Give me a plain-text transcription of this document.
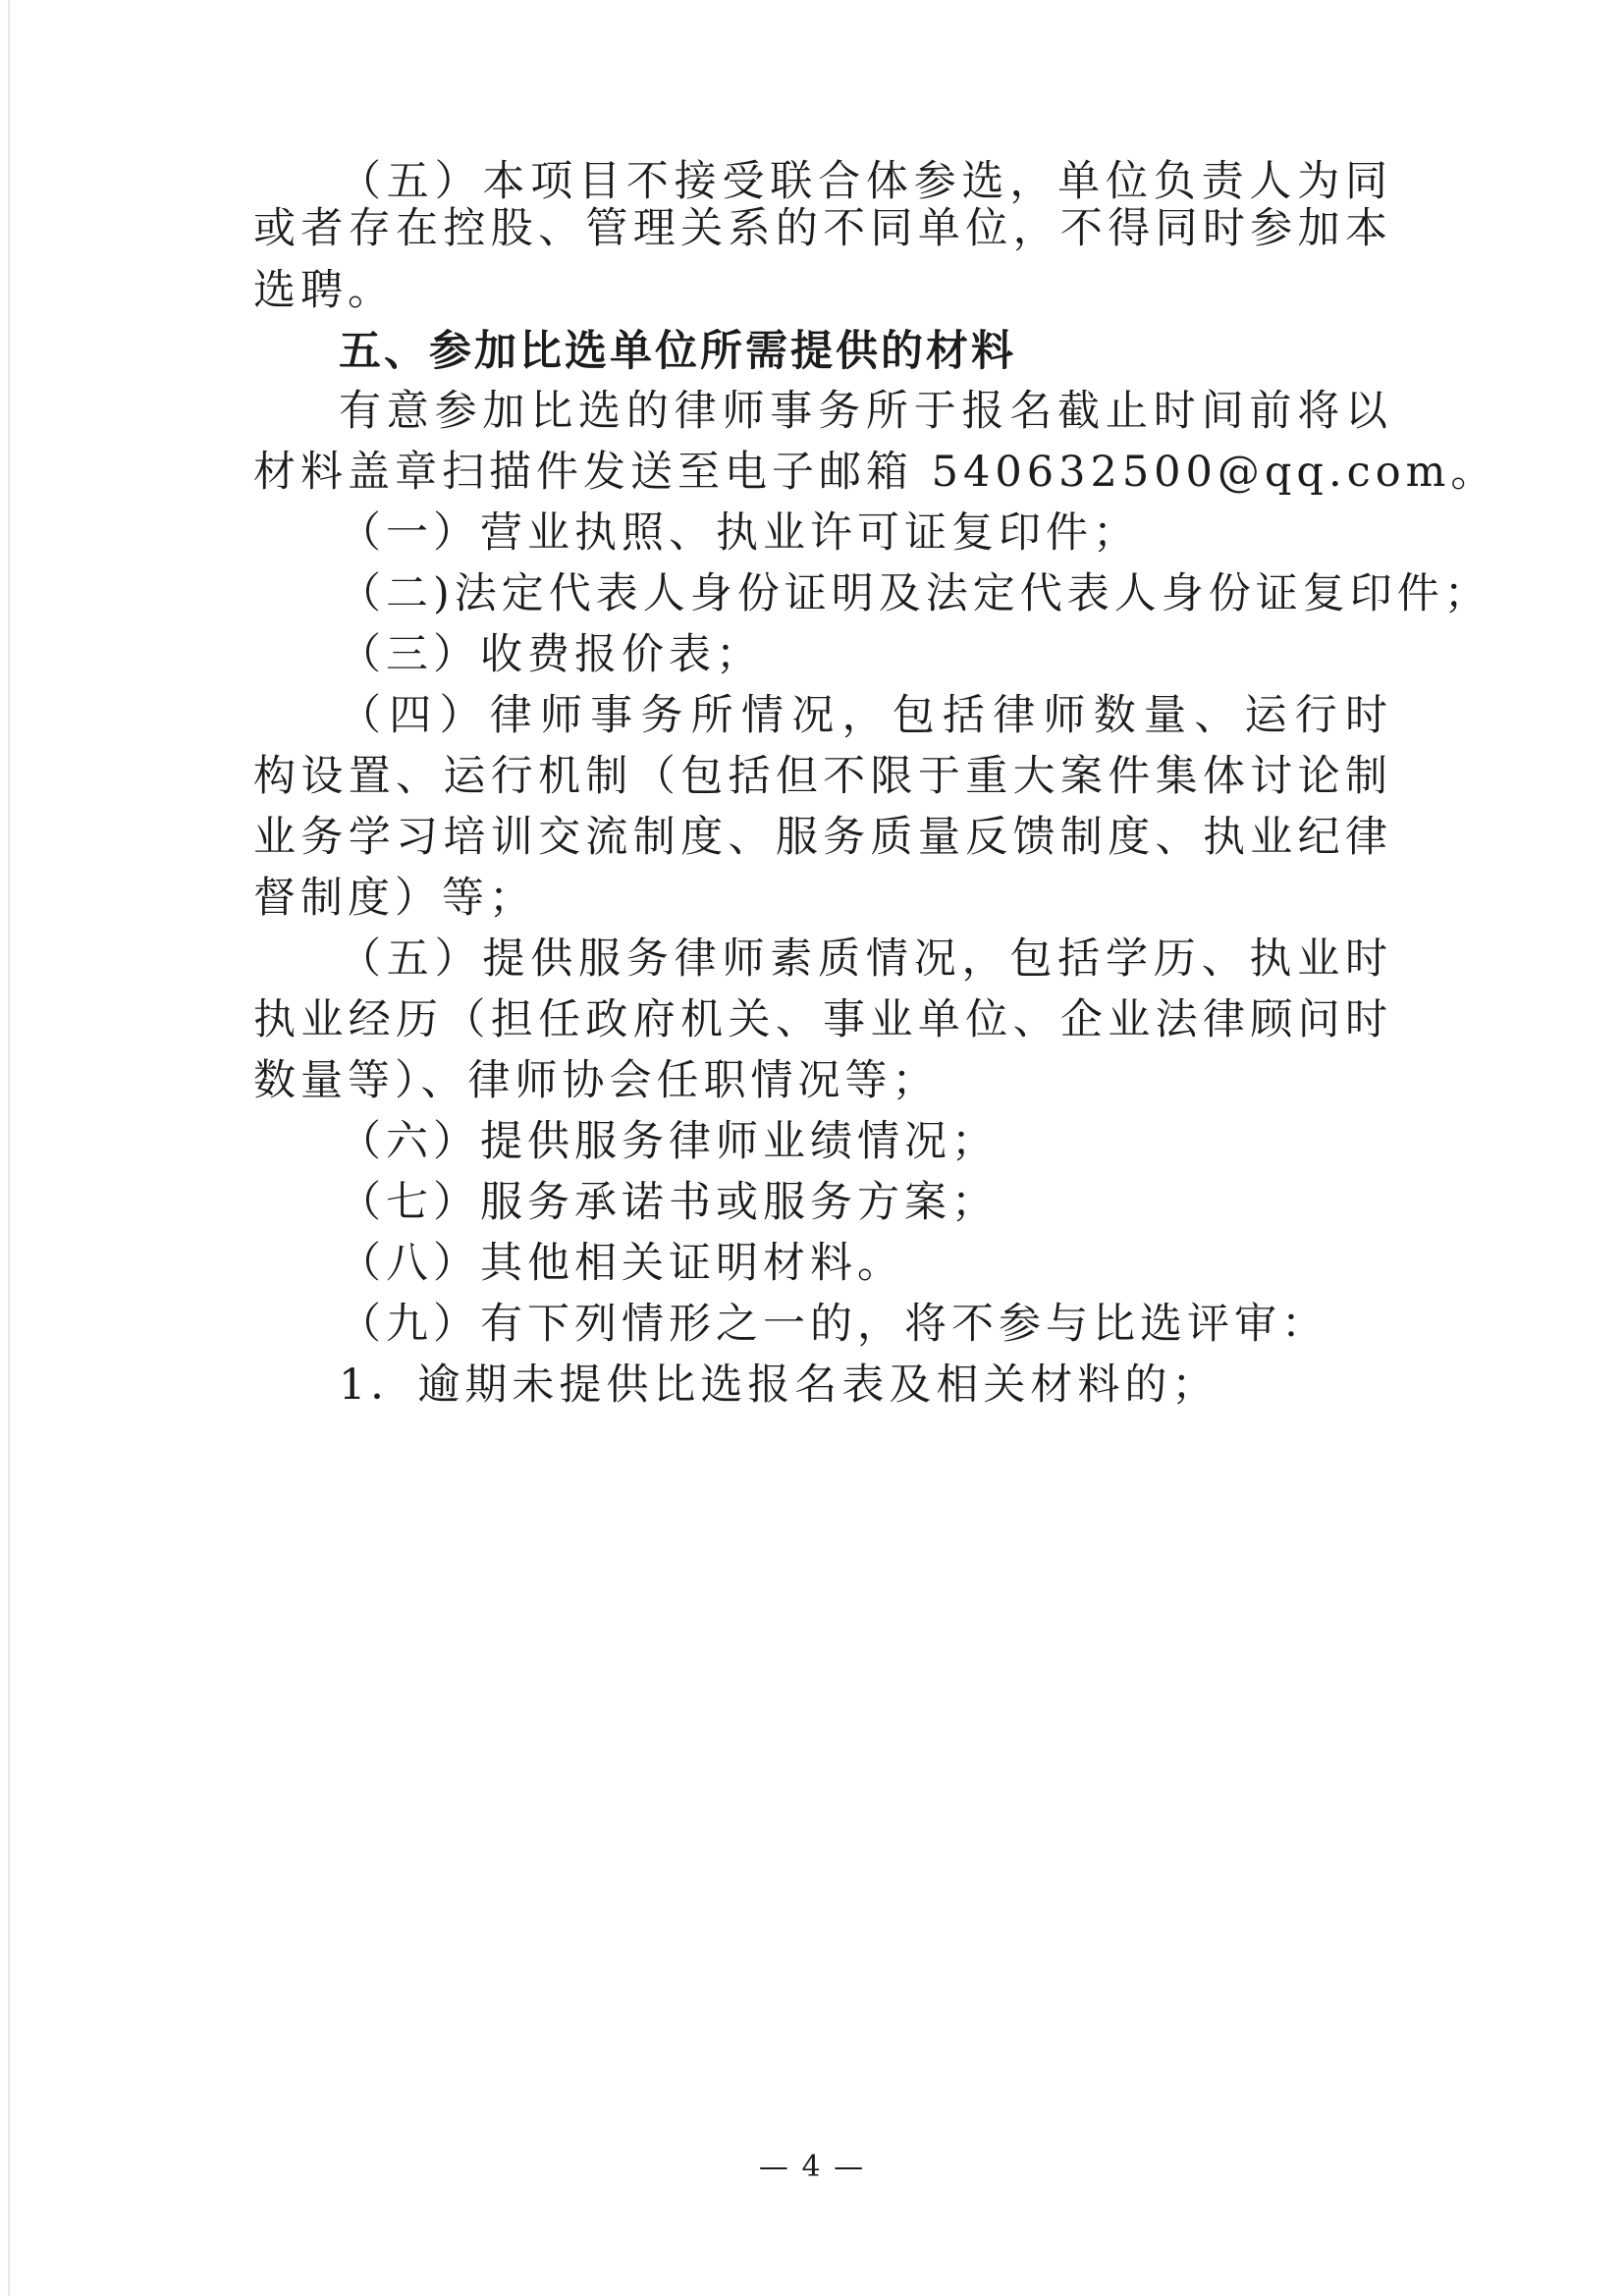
（五）本项目不接受联合体参选，单位负责人为同
或者存在控股、管理关系的不同单位，不得同时参加本
选聘。
五、参加比选单位所需提供的材料
有意参加比选的律师事务所于报名截止时间前将以
材料盖章扫描件发送至电子邮箱 540632500@qq.com。
（一）营业执照、执业许可证复印件；
（二)法定代表人身份证明及法定代表人身份证复印件；
（三）收费报价表；
（四）律师事务所情况，包括律师数量、运行时
构设置、运行机制（包括但不限于重大案件集体讨论制
业务学习培训交流制度、服务质量反馈制度、执业纪律
督制度）等；
（五）提供服务律师素质情况，包括学历、执业时
执业经历（担任政府机关、事业单位、企业法律顾问时
数量等）、律师协会任职情况等；
（六）提供服务律师业绩情况；
（七）服务承诺书或服务方案；
（八）其他相关证明材料。
（九）有下列情形之一的，将不参与比选评审：
1．逾期未提供比选报名表及相关材料的；
— 4 —
